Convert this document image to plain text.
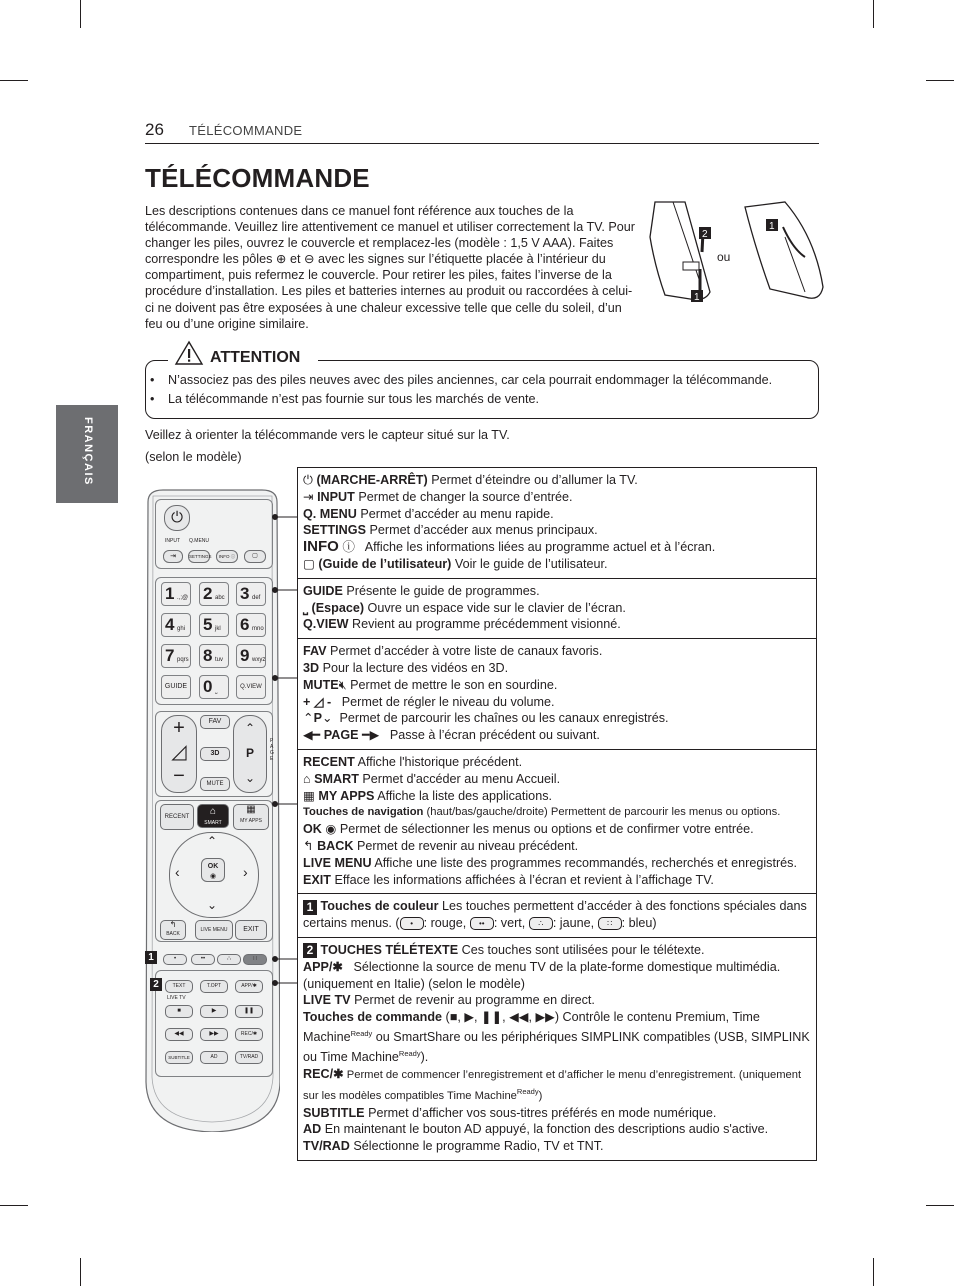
26 TÉLÉCOMMANDE
TÉLÉCOMMANDE
Les descriptions contenues dans ce manuel font référence aux touches de la télécommande. Veuillez lire attentivement ce manuel et utiliser correctement la TV. Pour changer les piles, ouvrez le couvercle et remplacez-les (modèle : 1,5 V AAA). Faites correspondre les pôles ⊕ et ⊖ avec les signes sur l’étiquette placée à l’intérieur du compartiment, puis refermez le couvercle. Pour retirer les piles, faites l’inverse de la procédure d’installation. Les piles et batteries internes au produit ou raccordées à celui-ci ne doivent pas être exposées à une chaleur excessive telle que celle du soleil, d’un feu ou d’une origine similaire.
2
1
ou
1
FRANÇAIS
ATTENTION
N’associez pas des piles neuves avec des piles anciennes, car cela pourrait endommager la télécommande.
La télécommande n’est pas fournie sur tous les marchés de vente.
Veillez à orienter la télécommande vers le capteur situé sur la TV.
(selon le modèle)
⏻ (MARCHE-ARRÊT) Permet d’éteindre ou d’allumer la TV.
⇥ INPUT Permet de changer la source d’entrée.
Q. MENU Permet d’accéder au menu rapide.
SETTINGS Permet d’accéder aux menus principaux.
INFO ⓘ   Affiche les informations liées au programme actuel et à l’écran.
▢ (Guide de l’utilisateur) Voir le guide de l’utilisateur.

GUIDE Présente le guide de programmes.
⎵ (Espace) Ouvre un espace vide sur le clavier de l’écran.
Q.VIEW Revient au programme précédemment visionné.

FAV Permet d’accéder à votre liste de canaux favoris.
3D Pour la lecture des vidéos en 3D.
MUTE🔇︎ Permet de mettre le son en sourdine.
+ ◿ - Permet de régler le niveau du volume.
⌃P⌄ Permet de parcourir les chaînes ou les canaux enregistrés.
◀━ PAGE ━▶ Passe à l’écran précédent ou suivant.

RECENT Affiche l'historique précédent.
⌂ SMART Permet d'accéder au menu Accueil.
▦ MY APPS Affiche la liste des applications.
Touches de navigation (haut/bas/gauche/droite) Permettent de parcourir les menus ou options.
OK ◉ Permet de sélectionner les menus ou options et de confirmer votre entrée.
↰ BACK Permet de revenir au niveau précédent.
LIVE MENU Affiche une liste des programmes recommandés, recherchés et enregistrés.
EXIT Efface les informations affichées à l’écran et revient à l’affichage TV.

1 Touches de couleur Les touches permettent d’accéder à des fonctions spéciales dans certains menus. ( • : rouge, •• : vert, ∴ : jaune, ∷ : bleu)

2 TOUCHES TÉLÉTEXTE Ces touches sont utilisées pour le télétexte.
APP/✱   Sélectionne la source de menu TV de la plate-forme domestique multimédia. (uniquement en Italie) (selon le modèle)
LIVE TV Permet de revenir au programme en direct.
Touches de commande (■, ▶, ❚❚, ◀◀, ▶▶) Contrôle le contenu Premium, Time Machine$^{Ready}$ ou SmartShare ou les périphériques SIMPLINK compatibles (USB, SIMPLINK ou Time Machine$^{Ready}$).
REC/✱ Permet de commencer l’enregistrement et d’afficher le menu d’enregistrement. (uniquement sur les modèles compatibles Time Machine$^{Ready}$)
SUBTITLE Permet d’afficher vos sous-titres préférés en mode numérique.
AD En maintenant le bouton AD appuyé, la fonction des descriptions audio s'active.
TV/RAD Sélectionne le programme Radio, TV et TNT.
⏻
INPUT Q.MENU
⇥	SETTINGS	INFO ⓘ	▢
1 .,;@ 2 abc 3 def
4 ghi 5 jkl 6 mno
7 pqrs 8 tuv 9 wxyz
GUIDE 0 ⎵
Q.VIEW
+
◿
−
FAV
3D
MUTE
⌃
P
⌄
RECENT	⌂
SMART
▦
MY APPS
⌃
⌄
‹	›
OK
◉
↰
BACK
LIVE MENU	EXIT
•	••	∴	∷
1
2	TEXT	T.OPT	APP/✱
LIVE TV
■	▶	❚❚
◀◀	▶▶	REC/✱
SUBTITLE	AD	TV/RAD
PAGE
